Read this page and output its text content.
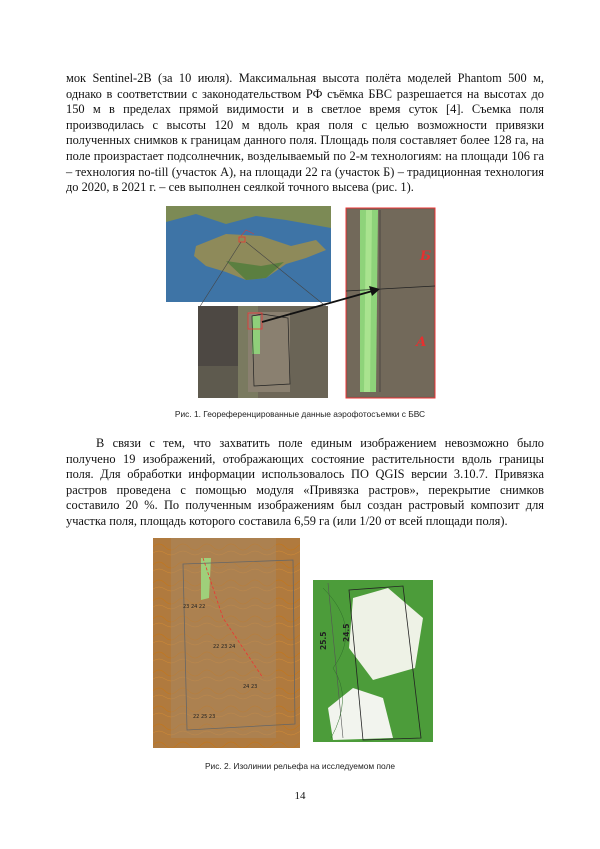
мок Sentinel-2B (за 10 июля). Максимальная высота полёта моделей Phantom 500 м, однако в соответствии с законодательством РФ съёмка БВС разрешается на высотах до 150 м в пределах прямой видимости и в светлое время суток [4]. Съемка поля производилась с высоты 120 м вдоль края поля с целью возможности привязки полученных снимков к границам данного поля. Площадь поля составляет более 128 га, на поле произрастает подсолнечник, возделываемый по 2-м технологиям: на площади 106 га – технология no-till (участок А), на площади 22 га (участок Б) – традиционная технология до 2020, в 2021 г. – сев выполнен сеялкой точного высева (рис. 1).

Б
А
Рис. 1. Геореференцированные данные аэрофотосъемки с БВС

В связи с тем, что захватить поле единым изображением невозможно было получено 19 изображений, отображающих состояние растительности вдоль границы поля. Для обработки информации использовалось ПО QGIS версии 3.10.7. Привязка растров проведена с помощью модуля «Привязка растров», перекрытие снимков составило 20 %. По полученным изображениям был создан растровый композит для участка поля, площадь которого составила 6,59 га (или 1/20 от всей площади поля).

23 24 22
22 23 24
24 23
22 25 23
24.5
25.5
Рис. 2. Изолинии рельефа на исследуемом поле
14
